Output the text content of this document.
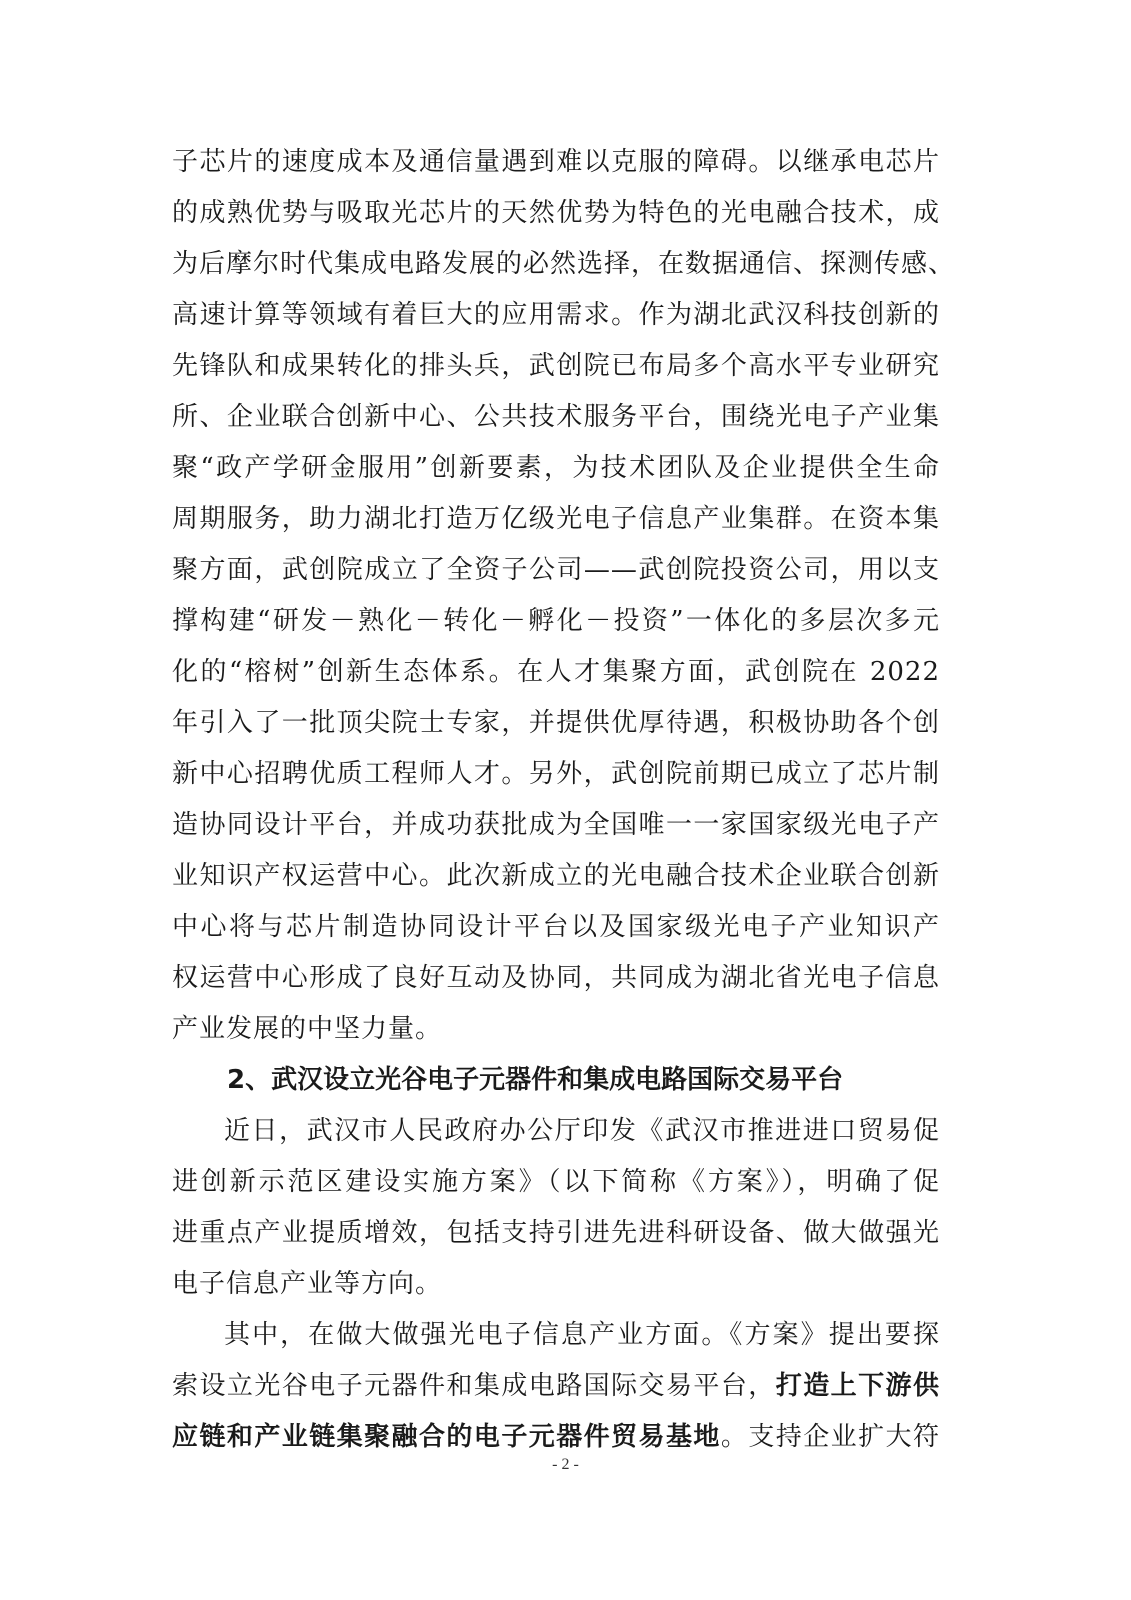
子芯片的速度成本及通信量遇到难以克服的障碍。以继承电芯片
的成熟优势与吸取光芯片的天然优势为特色的光电融合技术，成
为后摩尔时代集成电路发展的必然选择，在数据通信、探测传感、
高速计算等领域有着巨大的应用需求。作为湖北武汉科技创新的
先锋队和成果转化的排头兵，武创院已布局多个高水平专业研究
所、企业联合创新中心、公共技术服务平台，围绕光电子产业集
聚“政产学研金服用”创新要素，为技术团队及企业提供全生命
周期服务，助力湖北打造万亿级光电子信息产业集群。在资本集
聚方面，武创院成立了全资子公司——武创院投资公司，用以支
撑构建“研发－熟化－转化－孵化－投资”一体化的多层次多元
化的“榕树”创新生态体系。在人才集聚方面，武创院在 2022
年引入了一批顶尖院士专家，并提供优厚待遇，积极协助各个创
新中心招聘优质工程师人才。另外，武创院前期已成立了芯片制
造协同设计平台，并成功获批成为全国唯一一家国家级光电子产
业知识产权运营中心。此次新成立的光电融合技术企业联合创新
中心将与芯片制造协同设计平台以及国家级光电子产业知识产
权运营中心形成了良好互动及协同，共同成为湖北省光电子信息
产业发展的中坚力量。
2、武汉设立光谷电子元器件和集成电路国际交易平台
近日，武汉市人民政府办公厅印发《武汉市推进进口贸易促
进创新示范区建设实施方案》（以下简称《方案》），明确了促
进重点产业提质增效，包括支持引进先进科研设备、做大做强光
电子信息产业等方向。
其中，在做大做强光电子信息产业方面。《方案》提出要探
索设立光谷电子元器件和集成电路国际交易平台，打造上下游供
应链和产业链集聚融合的电子元器件贸易基地。支持企业扩大符
- 2 -
